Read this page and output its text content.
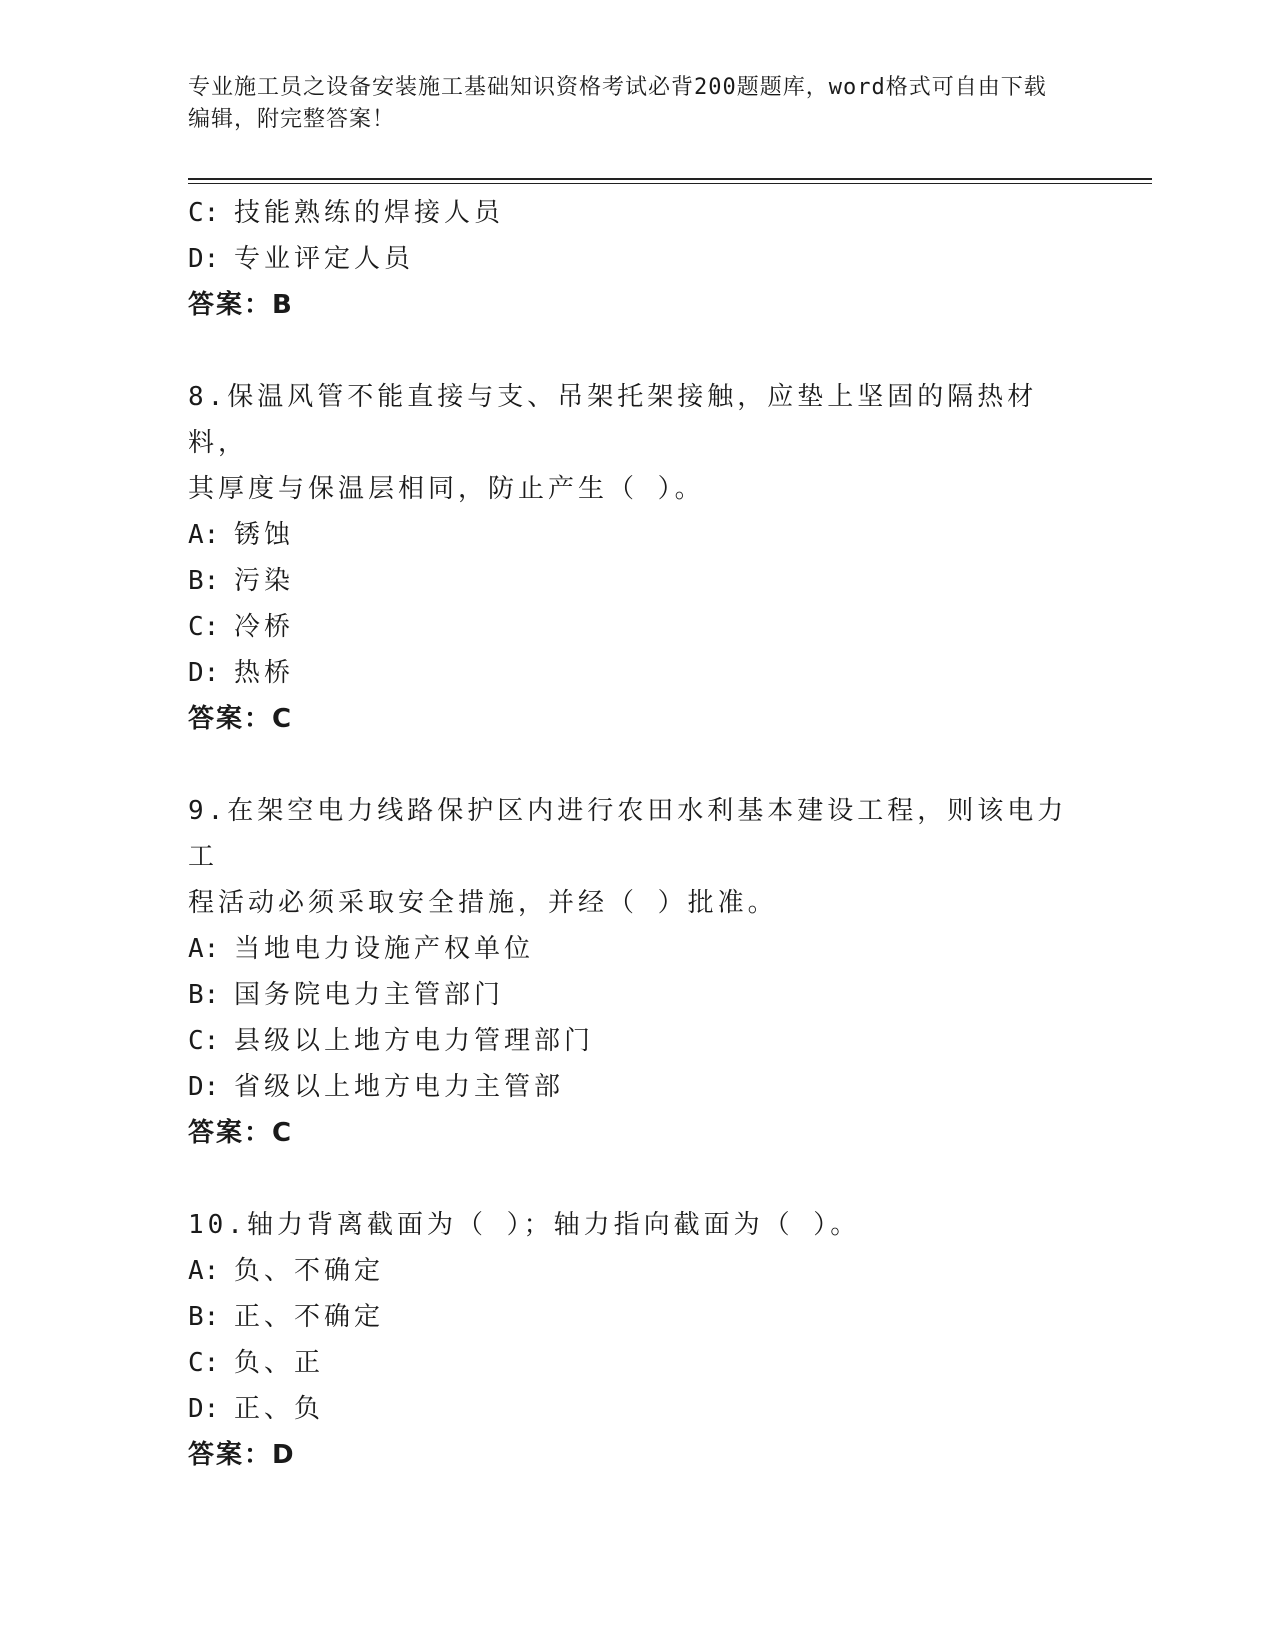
专业施工员之设备安装施工基础知识资格考试必背200题题库，word格式可自由下载编辑，附完整答案！
C: 技能熟练的焊接人员
D: 专业评定人员
答案：B
8.保温风管不能直接与支、吊架托架接触，应垫上坚固的隔热材料，
其厚度与保温层相同，防止产生（ ）。
A: 锈蚀
B: 污染
C: 冷桥
D: 热桥
答案：C
9.在架空电力线路保护区内进行农田水利基本建设工程，则该电力工
程活动必须采取安全措施，并经（ ）批准。
A: 当地电力设施产权单位
B: 国务院电力主管部门
C: 县级以上地方电力管理部门
D: 省级以上地方电力主管部
答案：C
10.轴力背离截面为（ ）；轴力指向截面为（ ）。
A: 负、不确定
B: 正、不确定
C: 负、正
D: 正、负
答案：D
